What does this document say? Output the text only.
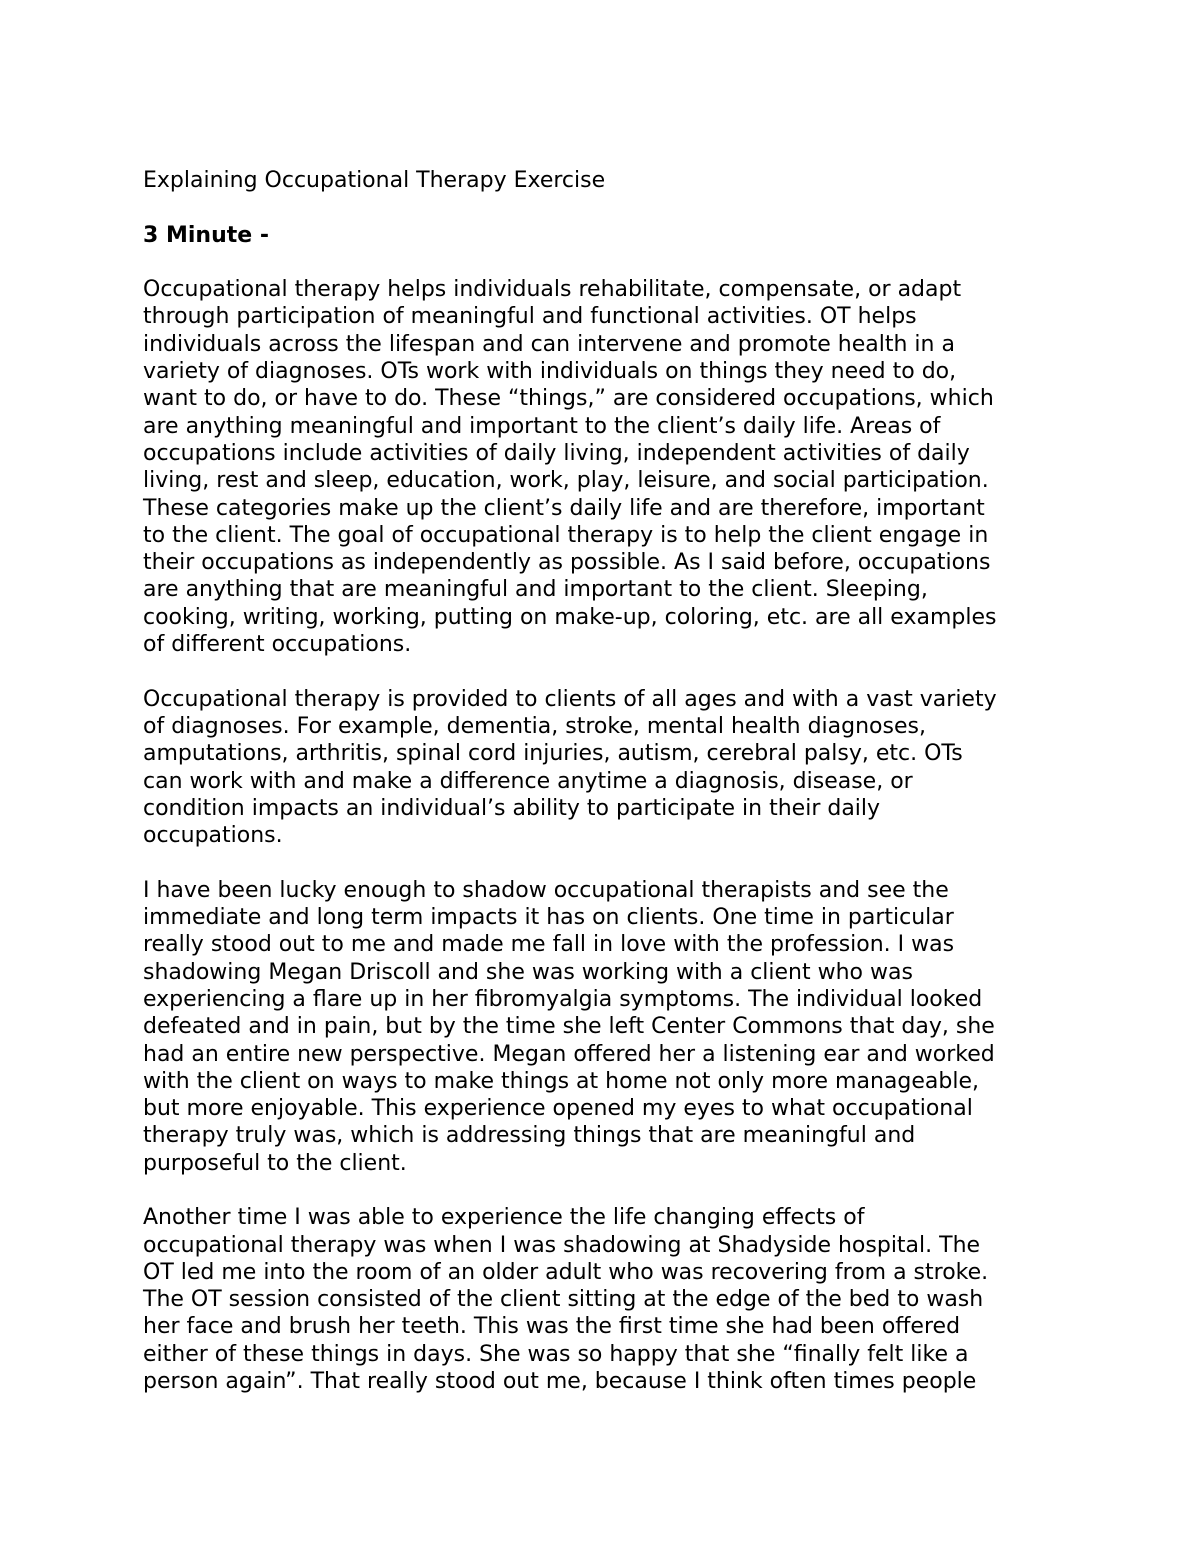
Explaining Occupational Therapy Exercise
3 Minute -

Occupational therapy helps individuals rehabilitate, compensate, or adapt
through participation of meaningful and functional activities. OT helps
individuals across the lifespan and can intervene and promote health in a
variety of diagnoses. OTs work with individuals on things they need to do,
want to do, or have to do. These “things,” are considered occupations, which
are anything meaningful and important to the client’s daily life. Areas of
occupations include activities of daily living, independent activities of daily
living, rest and sleep, education, work, play, leisure, and social participation.
These categories make up the client’s daily life and are therefore, important
to the client. The goal of occupational therapy is to help the client engage in
their occupations as independently as possible. As I said before, occupations
are anything that are meaningful and important to the client. Sleeping,
cooking, writing, working, putting on make-up, coloring, etc. are all examples
of different occupations.

Occupational therapy is provided to clients of all ages and with a vast variety
of diagnoses. For example, dementia, stroke, mental health diagnoses,
amputations, arthritis, spinal cord injuries, autism, cerebral palsy, etc. OTs
can work with and make a difference anytime a diagnosis, disease, or
condition impacts an individual’s ability to participate in their daily
occupations.

I have been lucky enough to shadow occupational therapists and see the
immediate and long term impacts it has on clients. One time in particular
really stood out to me and made me fall in love with the profession. I was
shadowing Megan Driscoll and she was working with a client who was
experiencing a flare up in her fibromyalgia symptoms. The individual looked
defeated and in pain, but by the time she left Center Commons that day, she
had an entire new perspective. Megan offered her a listening ear and worked
with the client on ways to make things at home not only more manageable,
but more enjoyable. This experience opened my eyes to what occupational
therapy truly was, which is addressing things that are meaningful and
purposeful to the client.

Another time I was able to experience the life changing effects of
occupational therapy was when I was shadowing at Shadyside hospital. The
OT led me into the room of an older adult who was recovering from a stroke.
The OT session consisted of the client sitting at the edge of the bed to wash
her face and brush her teeth. This was the first time she had been offered
either of these things in days. She was so happy that she “finally felt like a
person again”. That really stood out me, because I think often times people
